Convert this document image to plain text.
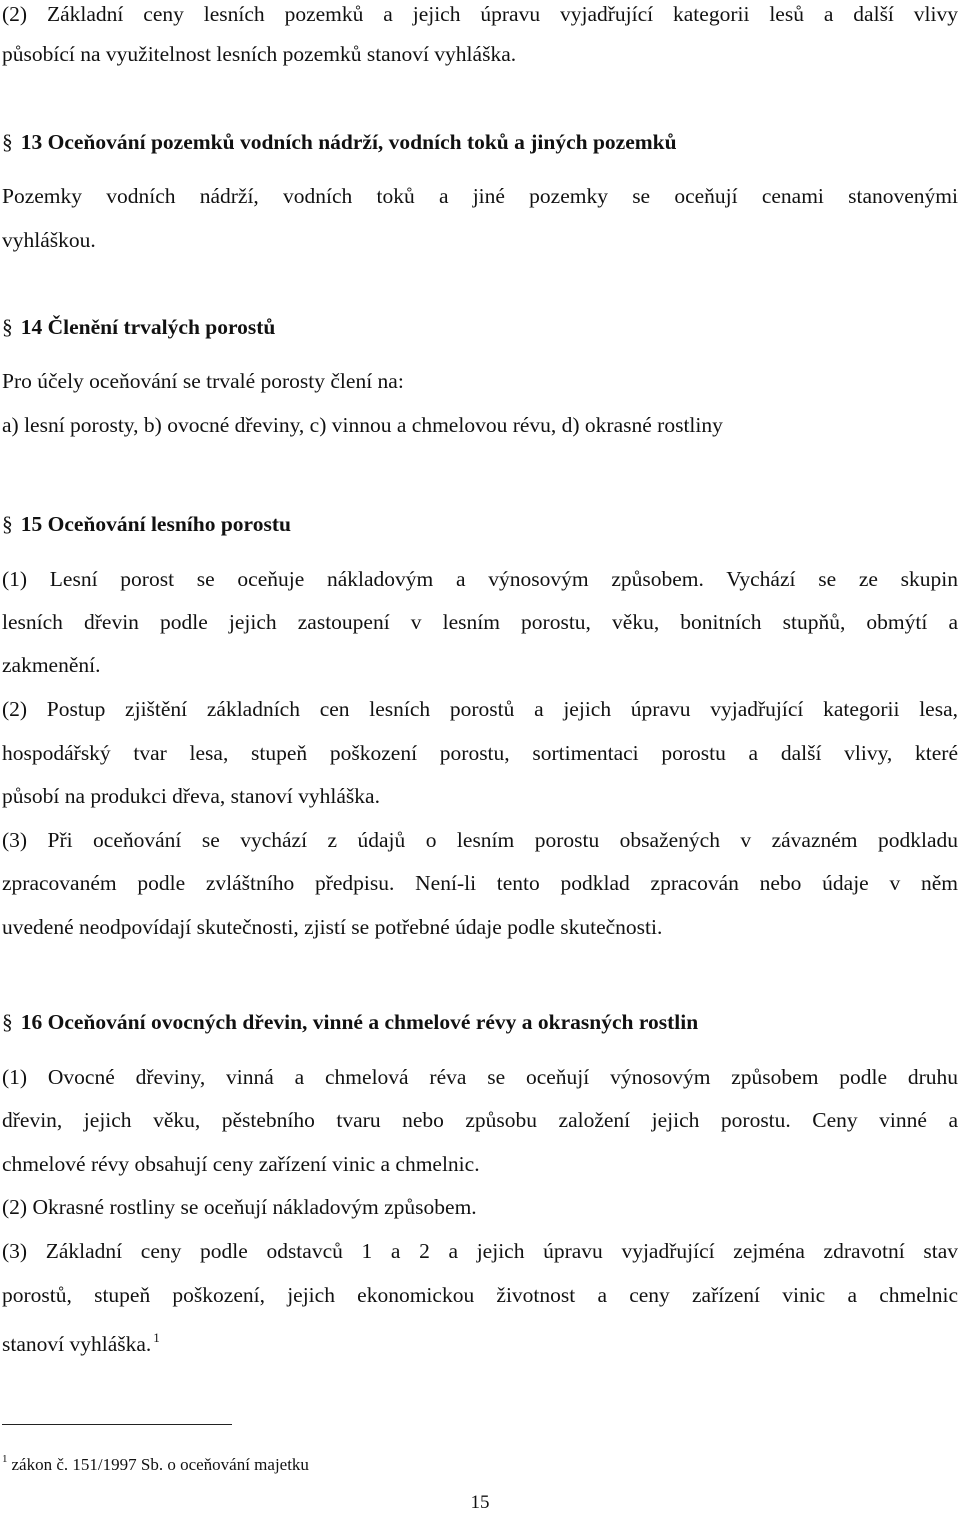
(2) Základní ceny lesních pozemků a jejich úpravu vyjadřující kategorii lesů a další vlivy
působící na využitelnost lesních pozemků stanoví vyhláška.
§ 13 Oceňování pozemků vodních nádrží, vodních toků a jiných pozemků
Pozemky vodních nádrží, vodních toků a jiné pozemky se oceňují cenami stanovenými
vyhláškou.
§ 14 Členění trvalých porostů
Pro účely oceňování se trvalé porosty člení na:
a) lesní porosty, b) ovocné dřeviny, c) vinnou a chmelovou révu, d) okrasné rostliny
§ 15 Oceňování lesního porostu
(1) Lesní porost se oceňuje nákladovým a výnosovým způsobem. Vychází se ze skupin
lesních dřevin podle jejich zastoupení v lesním porostu, věku, bonitních stupňů, obmýtí a
zakmenění.
(2) Postup zjištění základních cen lesních porostů a jejich úpravu vyjadřující kategorii lesa,
hospodářský tvar lesa, stupeň poškození porostu, sortimentaci porostu a další vlivy, které
působí na produkci dřeva, stanoví vyhláška.
(3) Při oceňování se vychází z údajů o lesním porostu obsažených v závazném podkladu
zpracovaném podle zvláštního předpisu. Není-li tento podklad zpracován nebo údaje v něm
uvedené neodpovídají skutečnosti, zjistí se potřebné údaje podle skutečnosti.
§ 16 Oceňování ovocných dřevin, vinné a chmelové révy a okrasných rostlin
(1) Ovocné dřeviny, vinná a chmelová réva se oceňují výnosovým způsobem podle druhu
dřevin, jejich věku, pěstebního tvaru nebo způsobu založení jejich porostu. Ceny vinné a
chmelové révy obsahují ceny zařízení vinic a chmelnic.
(2) Okrasné rostliny se oceňují nákladovým způsobem.
(3) Základní ceny podle odstavců 1 a 2 a jejich úpravu vyjadřující zejména zdravotní stav
porostů, stupeň poškození, jejich ekonomickou životnost a ceny zařízení vinic a chmelnic
stanoví vyhláška. $^1$
$^1$ zákon č. 151/1997 Sb. o oceňování majetku
15
